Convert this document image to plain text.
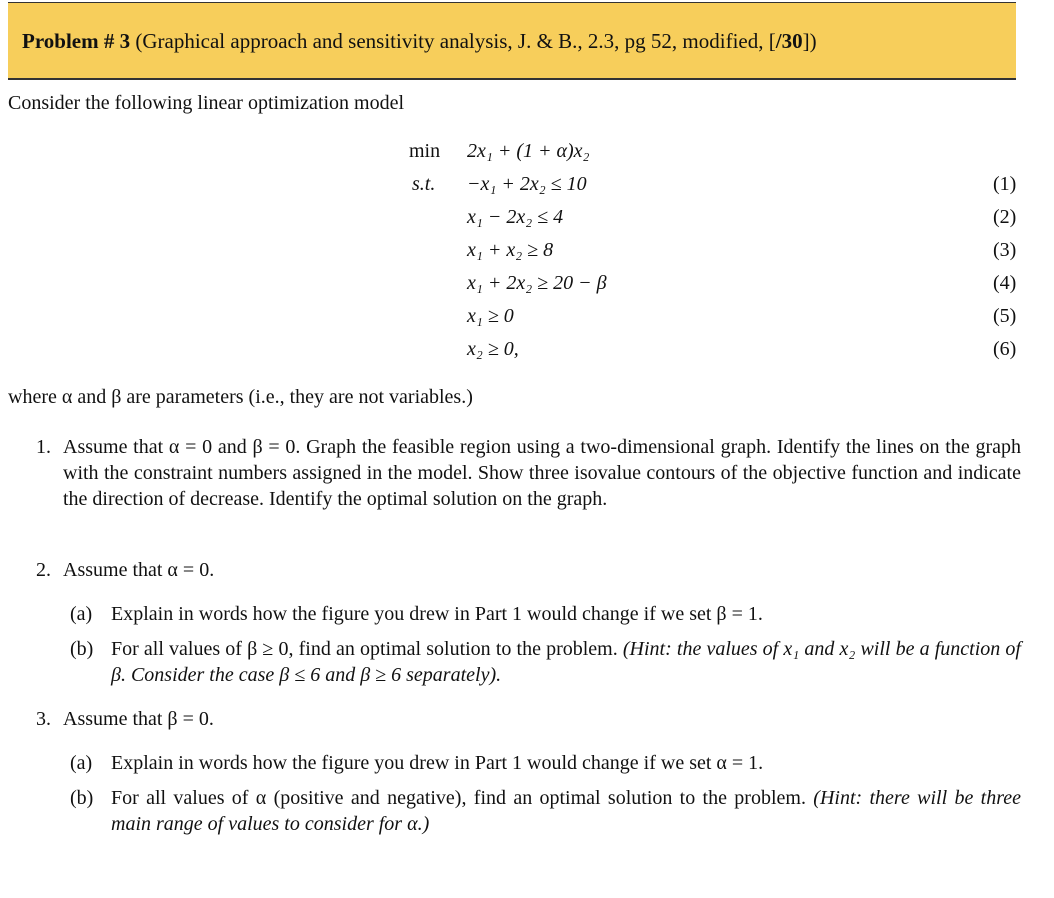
Problem # 3 (Graphical approach and sensitivity analysis, J. & B., 2.3, pg 52, modified, [/30])
Consider the following linear optimization model
min 2x₁ + (1 + α)x₂
s.t. −x₁ + 2x₂ ≤ 10	(1)
x₁ − 2x₂ ≤ 4	(2)
x₁ + x₂ ≥ 8	(3)
x₁ + 2x₂ ≥ 20 − β	(4)
x₁ ≥ 0	(5)
x₂ ≥ 0,	(6)
where α and β are parameters (i.e., they are not variables.)
1. Assume that α = 0 and β = 0. Graph the feasible region using a two-dimensional graph. Identify the lines on the graph with the constraint numbers assigned in the model. Show three isovalue contours of the objective function and indicate the direction of decrease. Identify the optimal solution on the graph.
2. Assume that α = 0.
(a) Explain in words how the figure you drew in Part 1 would change if we set β = 1.
(b) For all values of β ≥ 0, find an optimal solution to the problem. (Hint: the values of x₁ and x₂ will be a function of β. Consider the case β ≤ 6 and β ≥ 6 separately).
3. Assume that β = 0.
(a) Explain in words how the figure you drew in Part 1 would change if we set α = 1.
(b) For all values of α (positive and negative), find an optimal solution to the problem. (Hint: there will be three main range of values to consider for α.)
